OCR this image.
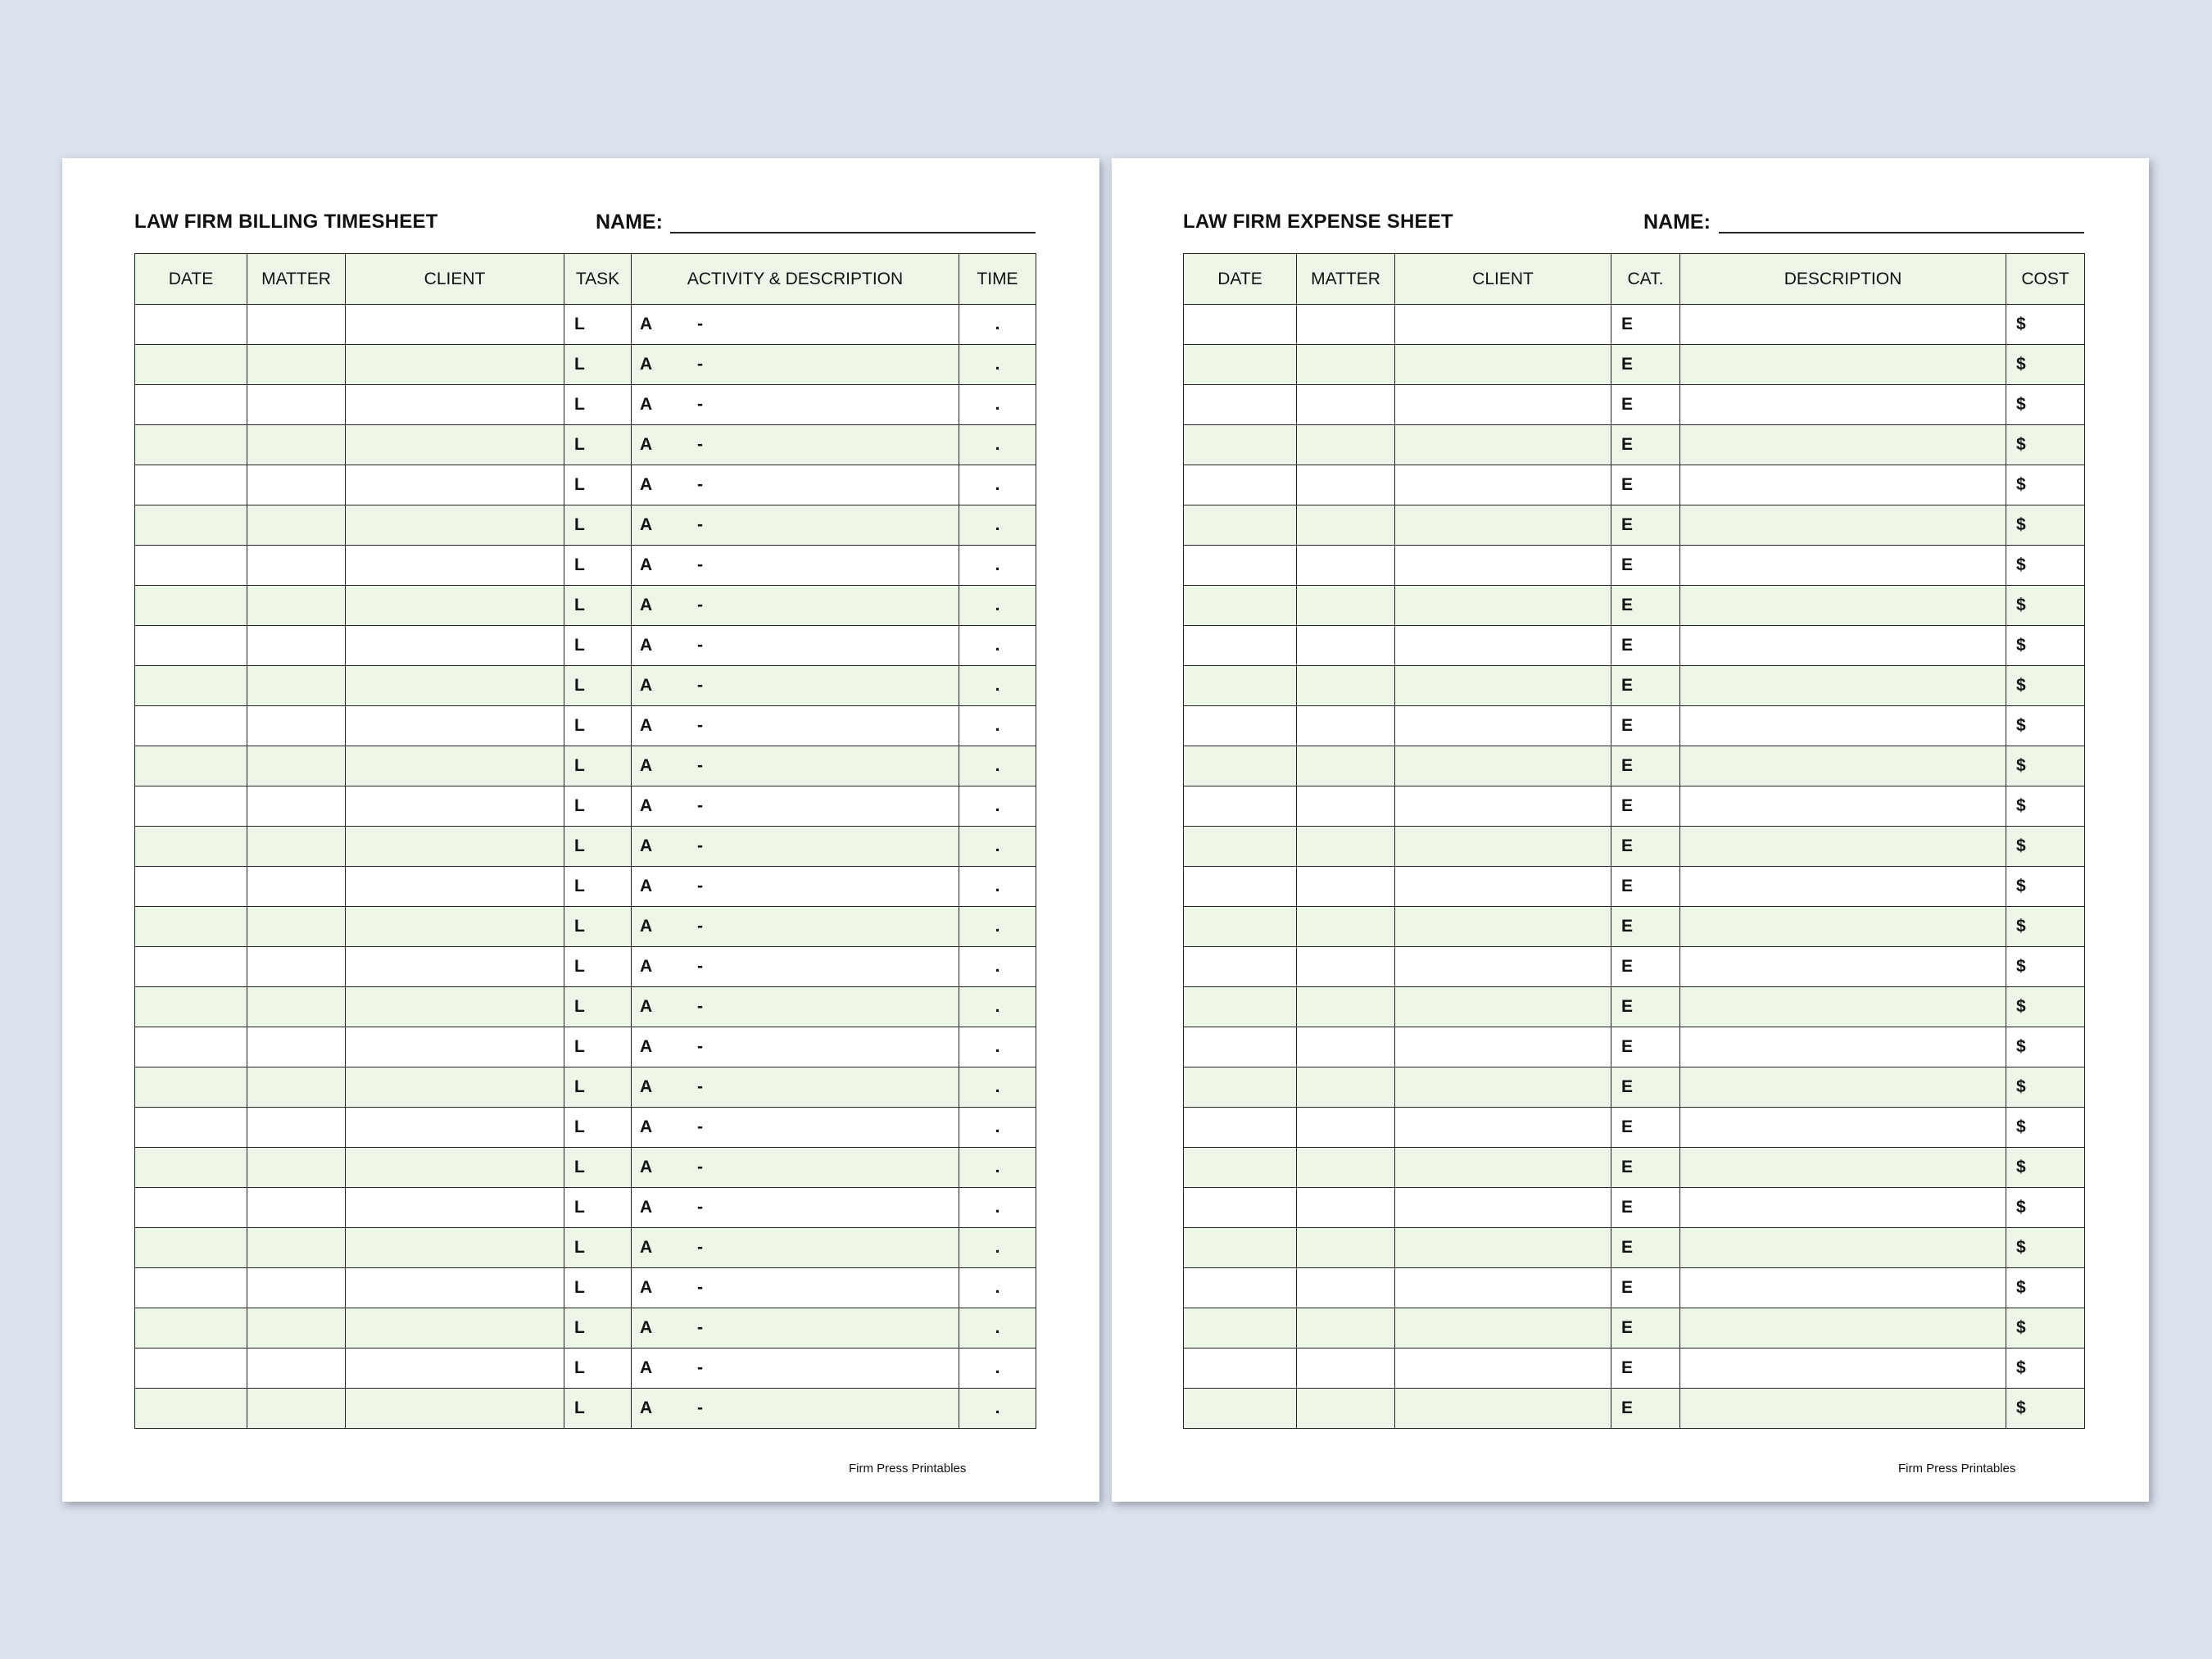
LAW FIRM BILLING TIMESHEET	NAME:
DATE	MATTER	CLIENT	TASK	ACTIVITY & DESCRIPTION	TIME
			L	A -	.
			L	A -	.
			L	A -	.
			L	A -	.
			L	A -	.
			L	A -	.
			L	A -	.
			L	A -	.
			L	A -	.
			L	A -	.
			L	A -	.
			L	A -	.
			L	A -	.
			L	A -	.
			L	A -	.
			L	A -	.
			L	A -	.
			L	A -	.
			L	A -	.
			L	A -	.
			L	A -	.
			L	A -	.
			L	A -	.
			L	A -	.
			L	A -	.
			L	A -	.
			L	A -	.
			L	A -	.
Firm Press Printables
LAW FIRM EXPENSE SHEET	NAME:
DATE	MATTER	CLIENT	CAT.	DESCRIPTION	COST
			E		$
			E		$
			E		$
			E		$
			E		$
			E		$
			E		$
			E		$
			E		$
			E		$
			E		$
			E		$
			E		$
			E		$
			E		$
			E		$
			E		$
			E		$
			E		$
			E		$
			E		$
			E		$
			E		$
			E		$
			E		$
			E		$
			E		$
			E		$
Firm Press Printables
